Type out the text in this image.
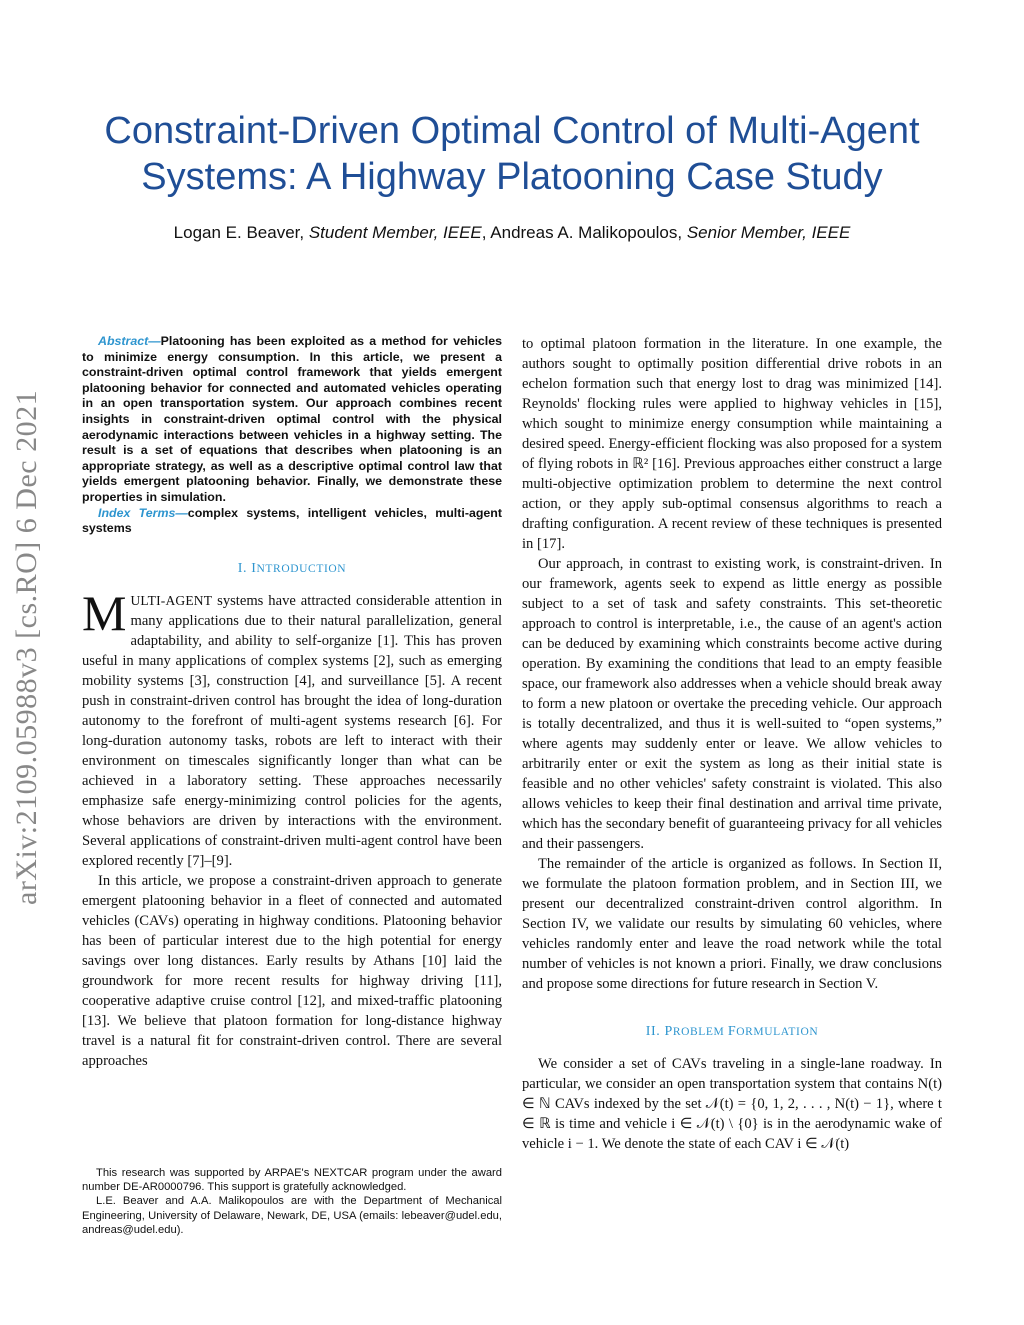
Constraint-Driven Optimal Control of Multi-Agent
Systems: A Highway Platooning Case Study
Logan E. Beaver, Student Member, IEEE, Andreas A. Malikopoulos, Senior Member, IEEE
arXiv:2109.05988v3 [cs.RO] 6 Dec 2021

Abstract—Platooning has been exploited as a method for vehicles to minimize energy consumption. In this article, we present a constraint-driven optimal control framework that yields emergent platooning behavior for connected and automated vehicles operating in an open transportation system. Our approach combines recent insights in constraint-driven optimal control with the physical aerodynamic interactions between vehicles in a highway setting. The result is a set of equations that describes when platooning is an appropriate strategy, as well as a descriptive optimal control law that yields emergent platooning behavior. Finally, we demonstrate these properties in simulation.

Index Terms—complex systems, intelligent vehicles, multi-agent systems

I. INTRODUCTION

MULTI-AGENT systems have attracted considerable attention in many applications due to their natural parallelization, general adaptability, and ability to self-organize [1]. This has proven useful in many applications of complex systems [2], such as emerging mobility systems [3], construction [4], and surveillance [5]. A recent push in constraint-driven control has brought the idea of long-duration autonomy to the forefront of multi-agent systems research [6]. For long-duration autonomy tasks, robots are left to interact with their environment on timescales significantly longer than what can be achieved in a laboratory setting. These approaches necessarily emphasize safe energy-minimizing control policies for the agents, whose behaviors are driven by interactions with the environment. Several applications of constraint-driven multi-agent control have been explored recently [7]–[9].

In this article, we propose a constraint-driven approach to generate emergent platooning behavior in a fleet of connected and automated vehicles (CAVs) operating in highway conditions. Platooning behavior has been of particular interest due to the high potential for energy savings over long distances. Early results by Athans [10] laid the groundwork for more recent results for highway driving [11], cooperative adaptive cruise control [12], and mixed-traffic platooning [13]. We believe that platoon formation for long-distance highway travel is a natural fit for constraint-driven control. There are several approaches

This research was supported by ARPAE's NEXTCAR program under the award number DE-AR0000796. This support is gratefully acknowledged.

L.E. Beaver and A.A. Malikopoulos are with the Department of Mechanical Engineering, University of Delaware, Newark, DE, USA (emails: lebeaver@udel.edu, andreas@udel.edu).

to optimal platoon formation in the literature. In one example, the authors sought to optimally position differential drive robots in an echelon formation such that energy lost to drag was minimized [14]. Reynolds' flocking rules were applied to highway vehicles in [15], which sought to minimize energy consumption while maintaining a desired speed. Energy-efficient flocking was also proposed for a system of flying robots in ℝ² [16]. Previous approaches either construct a large multi-objective optimization problem to determine the next control action, or they apply sub-optimal consensus algorithms to reach a drafting configuration. A recent review of these techniques is presented in [17].

Our approach, in contrast to existing work, is constraint-driven. In our framework, agents seek to expend as little energy as possible subject to a set of task and safety constraints. This set-theoretic approach to control is interpretable, i.e., the cause of an agent's action can be deduced by examining which constraints become active during operation. By examining the conditions that lead to an empty feasible space, our framework also addresses when a vehicle should break away to form a new platoon or overtake the preceding vehicle. Our approach is totally decentralized, and thus it is well-suited to “open systems,” where agents may suddenly enter or leave. We allow vehicles to arbitrarily enter or exit the system as long as their initial state is feasible and no other vehicles' safety constraint is violated. This also allows vehicles to keep their final destination and arrival time private, which has the secondary benefit of guaranteeing privacy for all vehicles and their passengers.

The remainder of the article is organized as follows. In Section II, we formulate the platoon formation problem, and in Section III, we present our decentralized constraint-driven control algorithm. In Section IV, we validate our results by simulating 60 vehicles, where vehicles randomly enter and leave the road network while the total number of vehicles is not known a priori. Finally, we draw conclusions and propose some directions for future research in Section V.

II. PROBLEM FORMULATION

We consider a set of CAVs traveling in a single-lane roadway. In particular, we consider an open transportation system that contains N(t) ∈ ℕ CAVs indexed by the set 𝒩(t) = {0, 1, 2, . . . , N(t) − 1}, where t ∈ ℝ is time and vehicle i ∈ 𝒩(t) \ {0} is in the aerodynamic wake of vehicle i − 1. We denote the state of each CAV i ∈ 𝒩(t)
